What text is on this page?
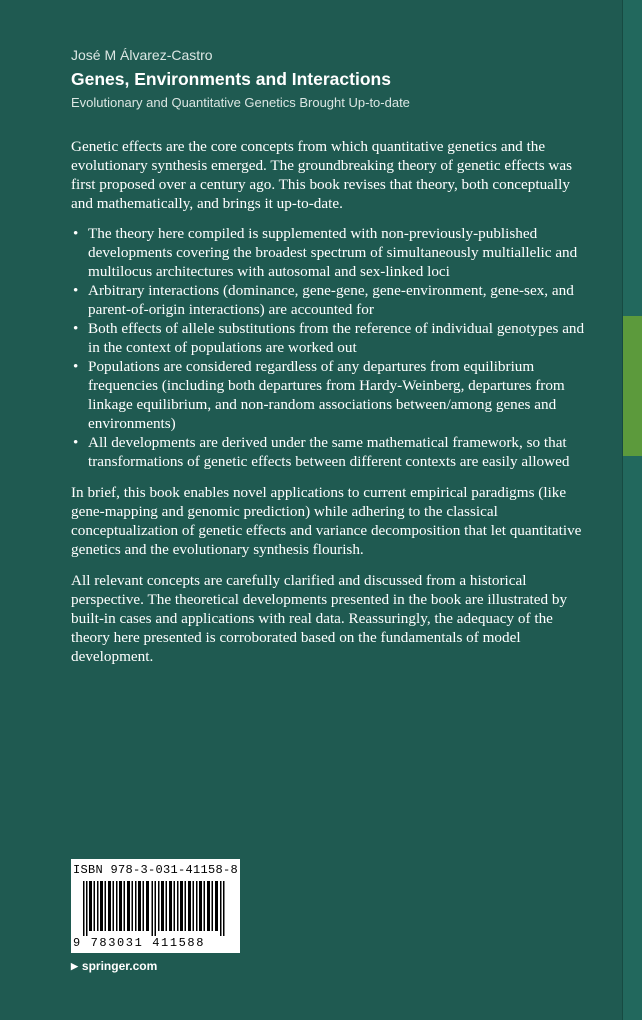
José M Álvarez-Castro

Genes, Environments and Interactions

Evolutionary and Quantitative Genetics Brought Up-to-date

Genetic effects are the core concepts from which quantitative genetics and the evolutionary synthesis emerged. The groundbreaking theory of genetic effects was first proposed over a century ago. This book revises that theory, both conceptually and mathematically, and brings it up-to-date.

• The theory here compiled is supplemented with non-previously-published developments covering the broadest spectrum of simultaneously multiallelic and multilocus architectures with autosomal and sex-linked loci
• Arbitrary interactions (dominance, gene-gene, gene-environment, gene-sex, and parent-of-origin interactions) are accounted for
• Both effects of allele substitutions from the reference of individual genotypes and in the context of populations are worked out
• Populations are considered regardless of any departures from equilibrium frequencies (including both departures from Hardy-Weinberg, departures from linkage equilibrium, and non-random associations between/among genes and environments)
• All developments are derived under the same mathematical framework, so that transformations of genetic effects between different contexts are easily allowed

In brief, this book enables novel applications to current empirical paradigms (like gene-mapping and genomic prediction) while adhering to the classical conceptualization of genetic effects and variance decomposition that let quantitative genetics and the evolutionary synthesis flourish.

All relevant concepts are carefully clarified and discussed from a historical perspective. The theoretical developments presented in the book are illustrated by built-in cases and applications with real data. Reassuringly, the adequacy of the theory here presented is corroborated based on the fundamentals of model development.

ISBN 978-3-031-41158-8
9 783031 411588
▶ springer.com
